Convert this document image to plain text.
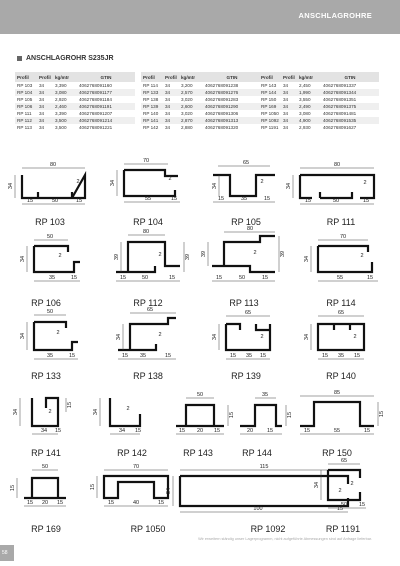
ANSCHLAGROHRE
ANSCHLAGROHR S235JR
Profil	Profil	kg/mtr	GTIN
RP 103	34	3,390	4062768091160
RP 104	34	3,080	4062768091177
RP 105	34	2,920	4062768091184
RP 106	34	2,460	4062768091191
RP 111	34	3,390	4062768091207
RP 112	34	3,500	4062768091214
RP 113	34	3,500	4062768091221
Profil	Profil	kg/mtr	GTIN
RP 114	34	3,200	4062768091238
RP 133	34	2,570	4062768091276
RP 138	34	3,020	4062768091283
RP 139	34	2,600	4062768091290
RP 140	34	3,020	4062768091306
RP 141	34	2,870	4062768091313
RP 142	34	2,880	4062768091320
Profil	Profil	kg/mtr	GTIN
RP 143	34	2,450	4062768091337
RP 144	34	1,990	4062768091344
RP 150	34	3,550	4062768091351
RP 169	34	2,490	4062768091375
RP 1050	34	3,080	4062768091481
RP 1092	34	4,900	4062768091535
RP 1191	34	2,930	4062768091627
80
34
2
15	50	15
70
34
2
55	15
65
34
2
15	35	15
80
34	2
15	50	15
50
34	2
35	15
80
39	39
2
15	50	15
80
39	39
2
15	50	15
70
34	2
55	15
50
34	2
35	15
65
34	2
15 35	15
65
34	2
15 35 15
65
34	2
15 35 15
34
15
2
34 15
34	2
34 15
50
15
15 20 15
35
15
20	15
85
15
15	55	15
50
15
15 20 15
70
15
15	40	15
115
34	2
100	15
65
34	2
50 15
RP 103	RP 104	RP 105	RP 111
RP 106	RP 112	RP 113	RP 114
RP 133	RP 138	RP 139	RP 140
RP 141	RP 142	RP 143	RP 144	RP 150
RP 169	RP 1050	RP 1092	RP 1191
Wir erweitern ständig unser Lagerprogramm, nicht aufgeführte Abmessungen sind auf Anfrage lieferbar.
58
